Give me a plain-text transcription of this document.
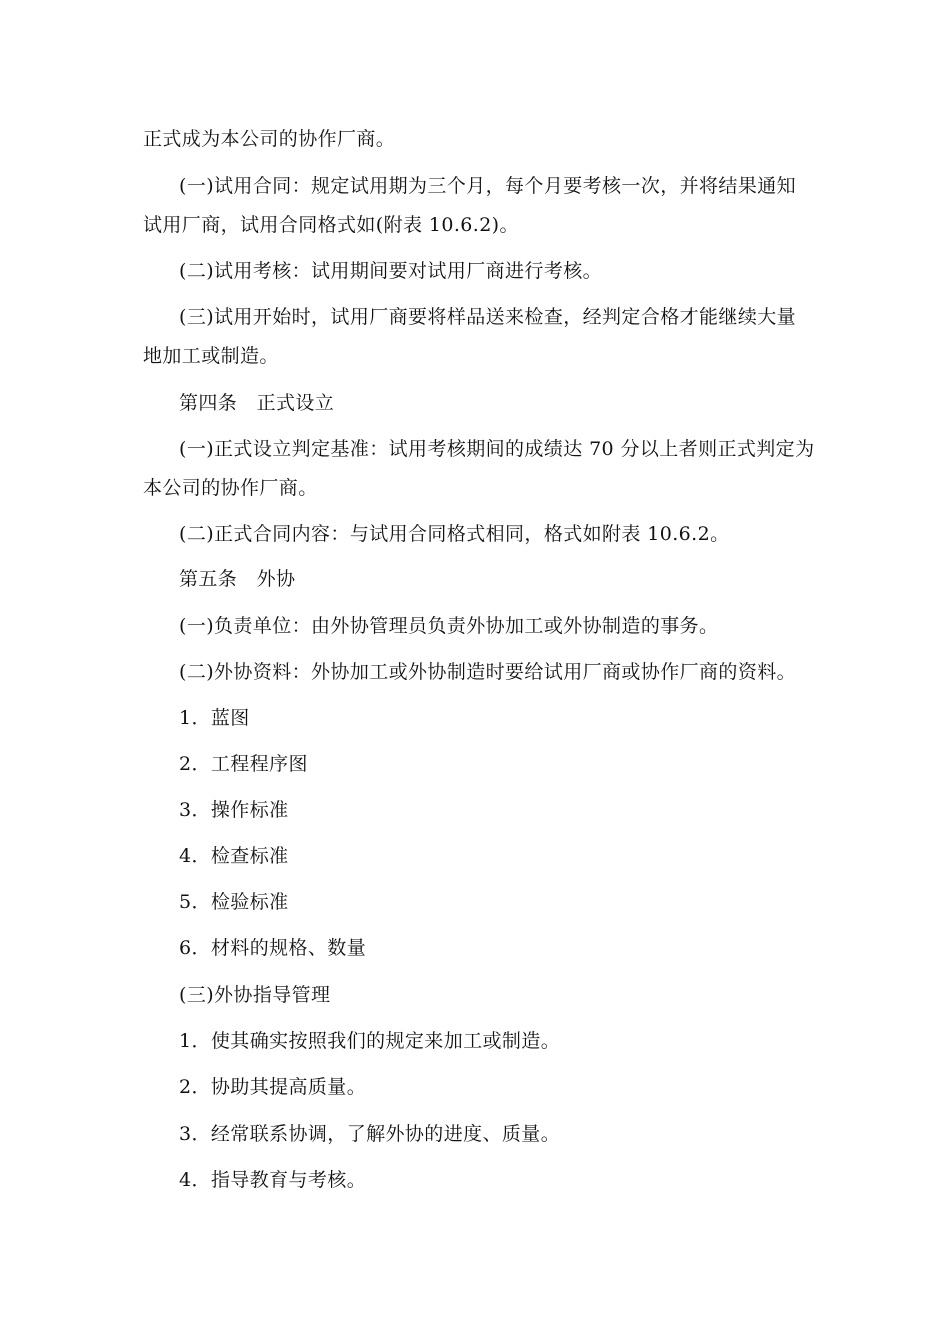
正式成为本公司的协作厂商。
(一)试用合同：规定试用期为三个月，每个月要考核一次，并将结果通知
试用厂商，试用合同格式如(附表 10.6.2)。
(二)试用考核：试用期间要对试用厂商进行考核。
(三)试用开始时，试用厂商要将样品送来检查，经判定合格才能继续大量
地加工或制造。
第四条　正式设立
(一)正式设立判定基准：试用考核期间的成绩达 70 分以上者则正式判定为
本公司的协作厂商。
(二)正式合同内容：与试用合同格式相同，格式如附表 10.6.2。
第五条　外协
(一)负责单位：由外协管理员负责外协加工或外协制造的事务。
(二)外协资料：外协加工或外协制造时要给试用厂商或协作厂商的资料。
1．蓝图
2．工程程序图
3．操作标准
4．检查标准
5．检验标准
6．材料的规格、数量
(三)外协指导管理
1．使其确实按照我们的规定来加工或制造。
2．协助其提高质量。
3．经常联系协调，了解外协的进度、质量。
4．指导教育与考核。
